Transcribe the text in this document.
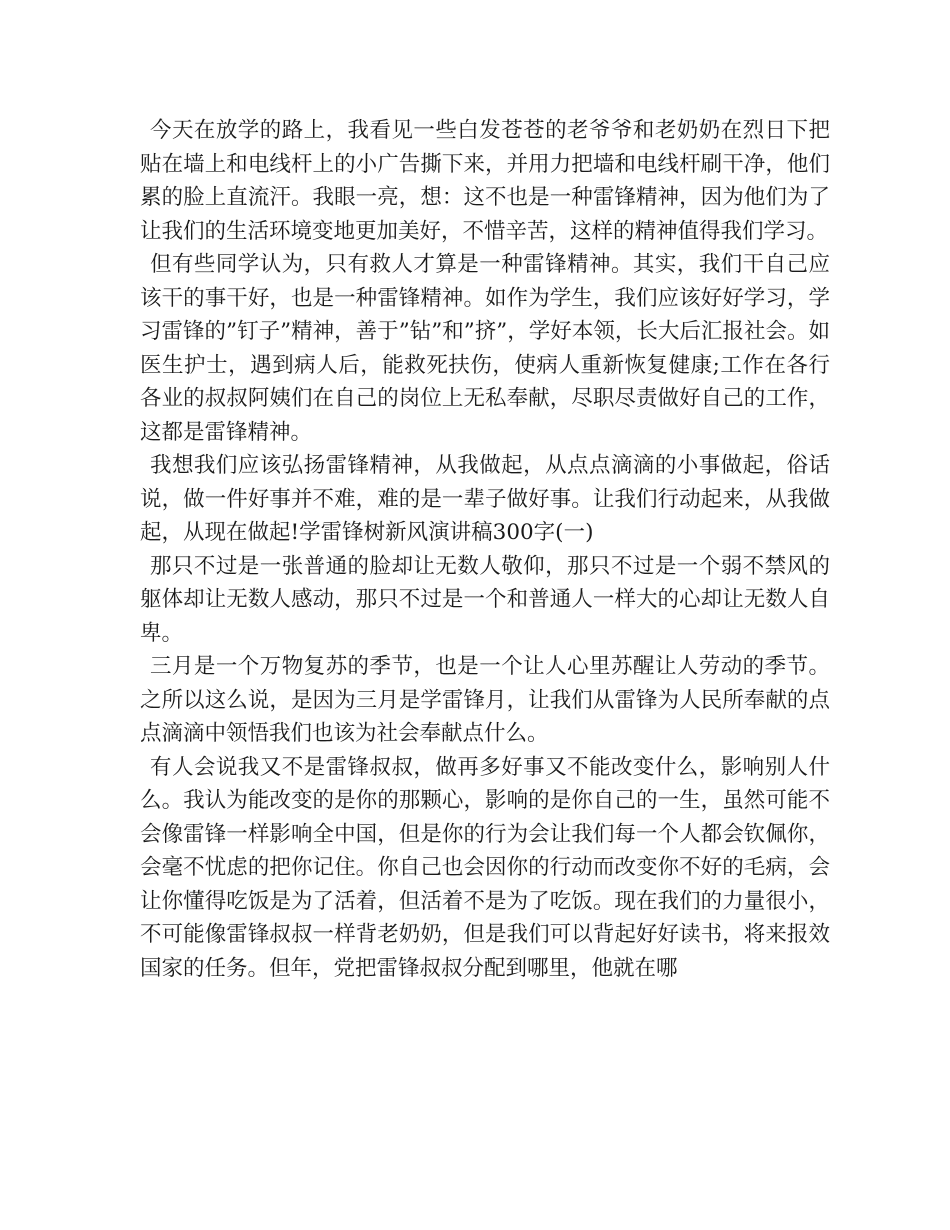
今天在放学的路上，我看见一些白发苍苍的老爷爷和老奶奶在烈日下把贴在墙上和电线杆上的小广告撕下来，并用力把墙和电线杆刷干净，他们累的脸上直流汗。我眼一亮，想：这不也是一种雷锋精神，因为他们为了让我们的生活环境变地更加美好，不惜辛苦，这样的精神值得我们学习。

但有些同学认为，只有救人才算是一种雷锋精神。其实，我们干自己应该干的事干好，也是一种雷锋精神。如作为学生，我们应该好好学习，学习雷锋的”钉子”精神，善于”钻”和”挤”，学好本领，长大后汇报社会。如医生护士，遇到病人后，能救死扶伤，使病人重新恢复健康;工作在各行各业的叔叔阿姨们在自己的岗位上无私奉献，尽职尽责做好自己的工作，这都是雷锋精神。

我想我们应该弘扬雷锋精神，从我做起，从点点滴滴的小事做起，俗话说，做一件好事并不难，难的是一辈子做好事。让我们行动起来，从我做起，从现在做起!学雷锋树新风演讲稿300字(一)

那只不过是一张普通的脸却让无数人敬仰，那只不过是一个弱不禁风的躯体却让无数人感动，那只不过是一个和普通人一样大的心却让无数人自卑。

三月是一个万物复苏的季节，也是一个让人心里苏醒让人劳动的季节。之所以这么说，是因为三月是学雷锋月，让我们从雷锋为人民所奉献的点点滴滴中领悟我们也该为社会奉献点什么。

有人会说我又不是雷锋叔叔，做再多好事又不能改变什么，影响别人什么。我认为能改变的是你的那颗心，影响的是你自己的一生，虽然可能不会像雷锋一样影响全中国，但是你的行为会让我们每一个人都会钦佩你，会毫不忧虑的把你记住。你自己也会因你的行动而改变你不好的毛病，会让你懂得吃饭是为了活着，但活着不是为了吃饭。现在我们的力量很小，不可能像雷锋叔叔一样背老奶奶，但是我们可以背起好好读书，将来报效国家的任务。但年，党把雷锋叔叔分配到哪里，他就在哪
